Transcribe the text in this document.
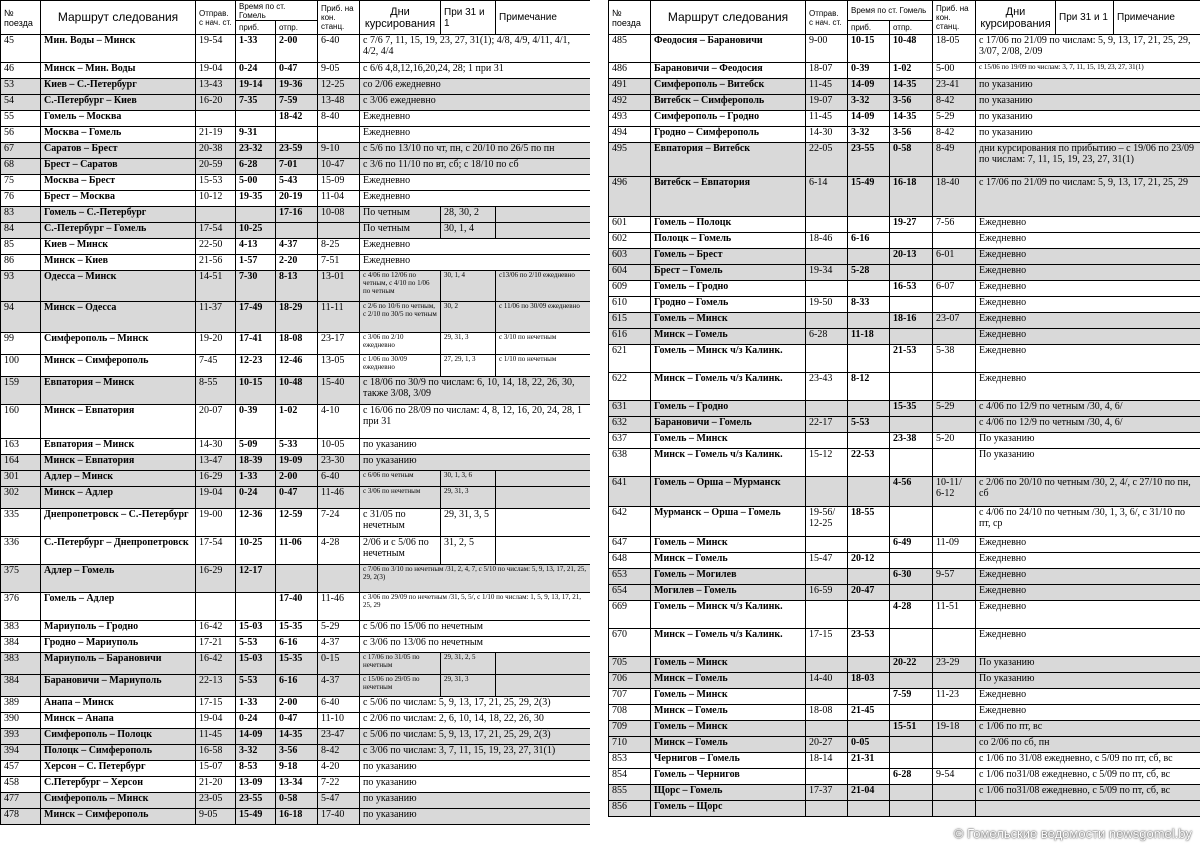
№ поезда	Маршрут следования	Отправ. с нач. ст.	Время по ст. Гомель		Приб. на кон. станц.	Дни курсирования	При 31 и 1	Примечание
			приб.	отпр.				
45	Мин. Воды – Минск	19-54	1-33	2-00	6-40	с 7/6 7, 11, 15, 19, 23, 27, 31(1); 4/8, 4/9, 4/11, 4/1, 4/2, 4/4		
46	Минск – Мин. Воды	19-04	0-24	0-47	9-05	с 6/6 4,8,12,16,20,24, 28; 1 при 31		
53	Киев – С.-Петербург	13-43	19-14	19-36	12-25	со 2/06 ежедневно		
54	С.-Петербург – Киев	16-20	7-35	7-59	13-48	с 3/06 ежедневно		
55	Гомель – Москва			18-42	8-40	Ежедневно		
56	Москва – Гомель	21-19	9-31			Ежедневно		
67	Саратов – Брест	20-38	23-32	23-59	9-10	с 5/6 по 13/10 по чт, пн, с 20/10 по 26/5 по пн		
68	Брест – Саратов	20-59	6-28	7-01	10-47	с 3/6 по 11/10 по вт, сб; с 18/10 по сб		
75	Москва – Брест	15-53	5-00	5-43	15-09	Ежедневно		
76	Брест – Москва	10-12	19-35	20-19	11-04	Ежедневно		
83	Гомель – С.-Петербург			17-16	10-08	По четным	28, 30, 2	
84	С.-Петербург – Гомель	17-54	10-25			По четным	30, 1, 4	
85	Киев – Минск	22-50	4-13	4-37	8-25	Ежедневно		
86	Минск – Киев	21-56	1-57	2-20	7-51	Ежедневно		
93	Одесса – Минск	14-51	7-30	8-13	13-01	с 4/06 по 12/06 по четным, с 4/10 по 1/06 по четным	30, 1, 4	с13/06 по 2/10 ежедневно
94	Минск – Одесса	11-37	17-49	18-29	11-11	с 2/6 по 10/6 по четным, с 2/10 по 30/5 по четным	30, 2	с 11/06 по 30/09 ежедневно
99	Симферополь – Минск	19-20	17-41	18-08	23-17	с 3/06 по 2/10 ежедневно	29, 31, 3	с 3/10 по нечетным
100	Минск – Симферополь	7-45	12-23	12-46	13-05	с 1/06 по 30/09 ежедневно	27, 29, 1, 3	с 1/10 по нечетным
159	Евпатория – Минск	8-55	10-15	10-48	15-40	с 18/06 по 30/9 по числам: 6, 10, 14, 18, 22, 26, 30, также 3/08, 3/09		
160	Минск – Евпатория	20-07	0-39	1-02	4-10	с 16/06 по 28/09 по числам: 4, 8, 12, 16, 20, 24, 28, 1 при 31		
163	Евпатория – Минск	14-30	5-09	5-33	10-05	по указанию		
164	Минск – Евпатория	13-47	18-39	19-09	23-30	по указанию		
301	Адлер – Минск	16-29	1-33	2-00	6-40	с 6/06 по четным	30, 1, 3, 6	
302	Минск – Адлер	19-04	0-24	0-47	11-46	с 3/06 по нечетным	29, 31, 3	
335	Днепропетровск – С.-Петербург	19-00	12-36	12-59	7-24	с 31/05 по нечетным	29, 31, 3, 5	
336	С.-Петербург – Днепропетровск	17-54	10-25	11-06	4-28	2/06 и с 5/06 по нечетным	31, 2, 5	
375	Адлер – Гомель	16-29	12-17			с 7/06 по 3/10 по нечетным /31, 2, 4, 7, с 5/10 по числам: 5, 9, 13, 17, 21, 25, 29, 2(3)		
376	Гомель – Адлер			17-40	11-46	с 3/06 по 29/09 по нечетным /31, 5, 5/, с 1/10 по числам: 1, 5, 9, 13, 17, 21, 25, 29		
383	Мариуполь – Гродно	16-42	15-03	15-35	5-29	с 5/06 по 15/06 по нечетным		
384	Гродно – Мариуполь	17-21	5-53	6-16	4-37	с 3/06 по 13/06 по нечетным		
383	Мариуполь – Барановичи	16-42	15-03	15-35	0-15	с 17/06 по 31/05 по нечетным	29, 31, 2, 5	
384	Барановичи – Мариуполь	22-13	5-53	6-16	4-37	с 15/06 по 29/05 по нечетным	29, 31, 3	
389	Анапа – Минск	17-15	1-33	2-00	6-40	с 5/06 по числам: 5, 9, 13, 17, 21, 25, 29, 2(3)		
390	Минск – Анапа	19-04	0-24	0-47	11-10	с 2/06 по числам: 2, 6, 10, 14, 18, 22, 26, 30		
393	Симферополь – Полоцк	11-45	14-09	14-35	23-47	с 5/06 по числам: 5, 9, 13, 17, 21, 25, 29, 2(3)		
394	Полоцк – Симферополь	16-58	3-32	3-56	8-42	с 3/06 по числам: 3, 7, 11, 15, 19, 23, 27, 31(1)		
457	Херсон – С. Петербург	15-07	8-53	9-18	4-20	по указанию		
458	С.Петербург – Херсон	21-20	13-09	13-34	7-22	по указанию		
477	Симферополь – Минск	23-05	23-55	0-58	5-47	по указанию		
478	Минск – Симферополь	9-05	15-49	16-18	17-40	по указанию		
№ поезда	Маршрут следования	Отправ. с нач. ст.	Время по ст. Гомель		Приб. на кон. станц.	Дни курсирования	При 31 и 1	Примечание
			приб.	отпр.				
485	Феодосия – Барановичи	9-00	10-15	10-48	18-05	с 17/06 по 21/09 по числам: 5, 9, 13, 17, 21, 25, 29, 3/07, 2/08, 2/09		
486	Барановичи – Феодосия	18-07	0-39	1-02	5-00	с 15/06 по 19/09 по числам: 3, 7, 11, 15, 19, 23, 27, 31(1)		
491	Симферополь – Витебск	11-45	14-09	14-35	23-41	по указанию		
492	Витебск – Симферополь	19-07	3-32	3-56	8-42	по указанию		
493	Симферополь – Гродно	11-45	14-09	14-35	5-29	по указанию		
494	Гродно – Симферополь	14-30	3-32	3-56	8-42	по указанию		
495	Евпатория – Витебск	22-05	23-55	0-58	8-49	дни курсирования по прибытию – с 19/06 по 23/09 по числам: 7, 11, 15, 19, 23, 27, 31(1)		
496	Витебск – Евпатория	6-14	15-49	16-18	18-40	с 17/06 по 21/09 по числам: 5, 9, 13, 17, 21, 25, 29		
601	Гомель – Полоцк			19-27	7-56	Ежедневно		
602	Полоцк – Гомель	18-46	6-16			Ежедневно		
603	Гомель – Брест			20-13	6-01	Ежедневно		
604	Брест – Гомель	19-34	5-28			Ежедневно		
609	Гомель – Гродно			16-53	6-07	Ежедневно		
610	Гродно – Гомель	19-50	8-33			Ежедневно		
615	Гомель – Минск			18-16	23-07	Ежедневно		
616	Минск – Гомель	6-28	11-18			Ежедневно		
621	Гомель – Минск ч/з Калинк.			21-53	5-38	Ежедневно		
622	Минск – Гомель ч/з Калинк.	23-43	8-12			Ежедневно		
631	Гомель – Гродно			15-35	5-29	с 4/06 по 12/9 по четным /30, 4, 6/		
632	Барановичи – Гомель	22-17	5-53			с 4/06 по 12/9 по четным /30, 4, 6/		
637	Гомель – Минск			23-38	5-20	По указанию		
638	Минск – Гомель ч/з Калинк.	15-12	22-53			По указанию		
641	Гомель – Орша – Мурманск			4-56	10-11/ 6-12	с 2/06 по 20/10 по четным /30, 2, 4/, с 27/10 по пн, сб		
642	Мурманск – Орша – Гомель	19-56/ 12-25	18-55			с 4/06 по 24/10 по четным /30, 1, 3, 6/, с 31/10 по пт, ср		
647	Гомель – Минск			6-49	11-09	Ежедневно		
648	Минск – Гомель	15-47	20-12			Ежедневно		
653	Гомель – Могилев			6-30	9-57	Ежедневно		
654	Могилев – Гомель	16-59	20-47			Ежедневно		
669	Гомель – Минск ч/з Калинк.			4-28	11-51	Ежедневно		
670	Минск – Гомель ч/з Калинк.	17-15	23-53			Ежедневно		
705	Гомель – Минск			20-22	23-29	По указанию		
706	Минск – Гомель	14-40	18-03			По указанию		
707	Гомель – Минск			7-59	11-23	Ежедневно		
708	Минск – Гомель	18-08	21-45			Ежедневно		
709	Гомель – Минск			15-51	19-18	с 1/06 по пт, вс		
710	Минск – Гомель	20-27	0-05			со 2/06 по сб, пн		
853	Чернигов – Гомель	18-14	21-31			с 1/06 по 31/08 ежедневно, с 5/09 по пт, сб, вс		
854	Гомель – Чернигов			6-28	9-54	с 1/06 по31/08 ежедневно, с 5/09 по пт, сб, вс		
855	Щорс – Гомель	17-37	21-04			с 1/06 по31/08 ежедневно, с 5/09 по пт, сб, вс		
856	Гомель – Щорс							
© Гомельские ведомости newsgomel.by
